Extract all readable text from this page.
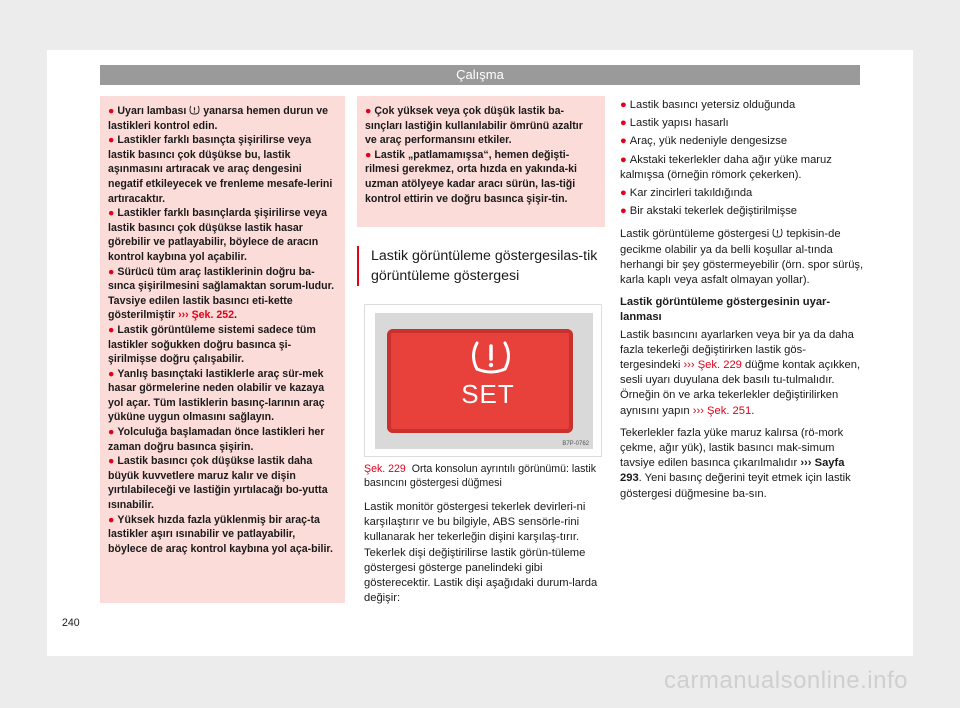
Çalışma

● Uyarı lambası  yanarsa hemen durun ve lastikleri kontrol edin.

● Lastikler farklı basınçta şişirilirse veya lastik basıncı çok düşükse bu, lastik aşınmasını artıracak ve araç dengesini negatif etkileyecek ve frenleme mesafe-lerini artıracaktır.

● Lastikler farklı basınçlarda şişirilirse veya lastik basıncı çok düşükse lastik hasar görebilir ve patlayabilir, böylece de aracın kontrol kaybına yol açabilir.

● Sürücü tüm araç lastiklerinin doğru ba-sınca şişirilmesini sağlamaktan sorum-ludur. Tavsiye edilen lastik basıncı eti-kette gösterilmiştir ››› Şek. 252.

● Lastik görüntüleme sistemi sadece tüm lastikler soğukken doğru basınca şi-şirilmişse doğru çalışabilir.

● Yanlış basınçtaki lastiklerle araç sür-mek hasar görmelerine neden olabilir ve kazaya yol açar. Tüm lastiklerin basınç-larının araç yüküne uygun olmasını sağlayın.

● Yolculuğa başlamadan önce lastikleri her zaman doğru basınca şişirin.

● Lastik basıncı çok düşükse lastik daha büyük kuvvetlere maruz kalır ve dişin yırtılabileceği ve lastiğin yırtılacağı bo-yutta ısınabilir.

● Yüksek hızda fazla yüklenmiş bir araç-ta lastikler aşırı ısınabilir ve patlayabilir, böylece de araç kontrol kaybına yol aça-bilir.

● Çok yüksek veya çok düşük lastik ba-sınçları lastiğin kullanılabilir ömrünü azaltır ve araç performansını etkiler.

● Lastik „patlamamışsa“, hemen değişti-rilmesi gerekmez, orta hızda en yakında-ki uzman atölyeye kadar aracı sürün, las-tiği kontrol ettirin ve doğru basınca şişir-tin.

Lastik görüntüleme göstergesilas-tik görüntüleme göstergesi
SET
B7P-0762
Şek. 229 Orta konsolun ayrıntılı görünümü: lastik basıncını göstergesi düğmesi
Lastik monitör göstergesi tekerlek devirleri-ni karşılaştırır ve bu bilgiyle, ABS sensörle-rini kullanarak her tekerleğin dişini karşılaş-tırır. Tekerlek dişi değiştirilirse lastik görün-tüleme göstergesi gösterge panelindeki gibi gösterecektir. Lastik dişi aşağıdaki durum-larda değişir:

● Lastik basıncı yetersiz olduğunda

● Lastik yapısı hasarlı

● Araç, yük nedeniyle dengesizse

● Akstaki tekerlekler daha ağır yüke maruz kalmışsa (örneğin römork çekerken).

● Kar zincirleri takıldığında

● Bir akstaki tekerlek değiştirilmişse

Lastik görüntüleme göstergesi  tepkisin-de gecikme olabilir ya da belli koşullar al-tında herhangi bir şey göstermeyebilir (örn. spor sürüş, karla kaplı veya asfalt olmayan yollar).

Lastik görüntüleme göstergesinin uyar-lanması

Lastik basıncını ayarlarken veya bir ya da daha fazla tekerleği değiştirirken lastik gös-tergesindeki ››› Şek. 229 düğme kontak açıkken, sesli uyarı duyulana dek basılı tu-tulmalıdır. Örneğin ön ve arka tekerlekler değiştirilirken aynısını yapın ››› Şek. 251.

Tekerlekler fazla yüke maruz kalırsa (rö-mork çekme, ağır yük), lastik basıncı mak-simum tavsiye edilen basınca çıkarılmalıdır ››› Sayfa 293. Yeni basınç değerini teyit etmek için lastik göstergesi düğmesine ba-sın.

240
carmanualsonline.info
